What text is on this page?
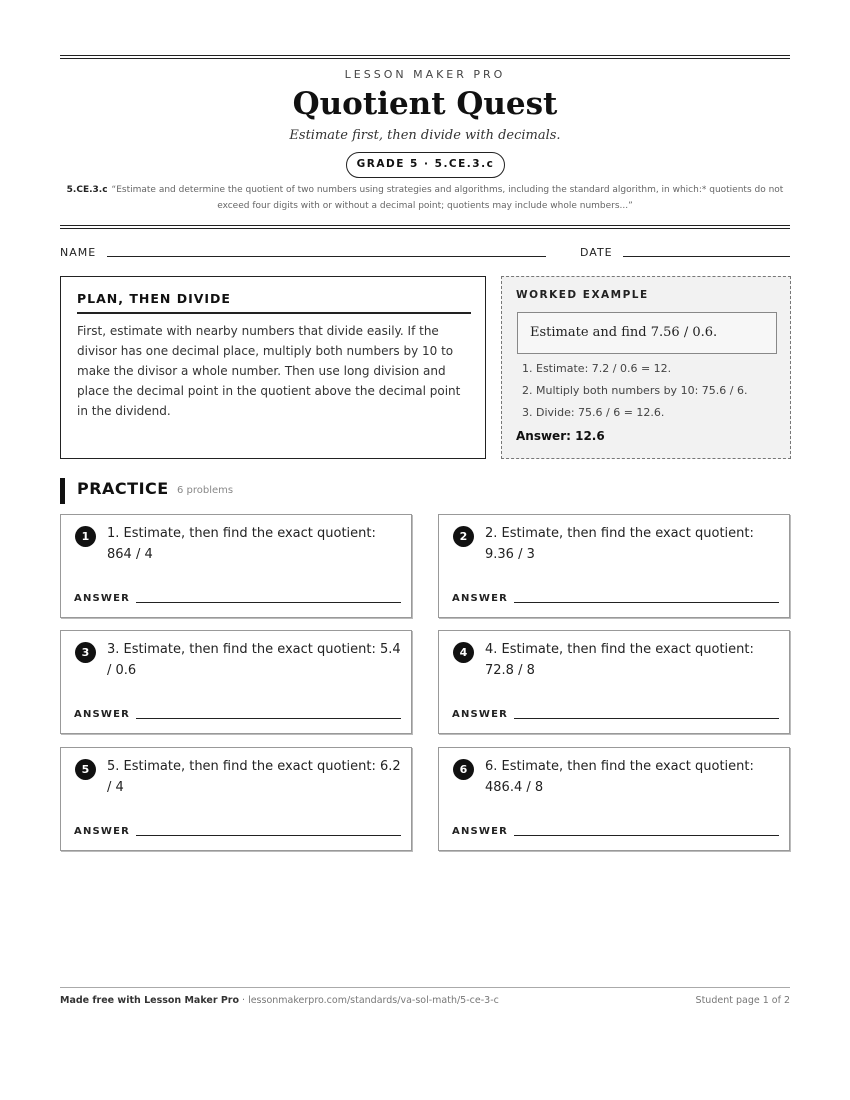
LESSON MAKER PRO
Quotient Quest
Estimate first, then divide with decimals.
GRADE 5 · 5.CE.3.c
5.CE.3.c “Estimate and determine the quotient of two numbers using strategies and algorithms, including the standard algorithm, in which:* quotients do not exceed four digits with or without a decimal point; quotients may include whole numbers...”
NAME	DATE
PLAN, THEN DIVIDE
First, estimate with nearby numbers that divide easily. If the divisor has one decimal place, multiply both numbers by 10 to make the divisor a whole number. Then use long division and place the decimal point in the quotient above the decimal point in the dividend.
WORKED EXAMPLE
Estimate and find 7.56 / 0.6.
1. Estimate: 7.2 / 0.6 = 12.
2. Multiply both numbers by 10: 75.6 / 6.
3. Divide: 75.6 / 6 = 12.6.
Answer: 12.6
PRACTICE 6 problems
1	1. Estimate, then find the exact quotient: 864 / 4
ANSWER
2	2. Estimate, then find the exact quotient: 9.36 / 3
ANSWER
3	3. Estimate, then find the exact quotient: 5.4 / 0.6
ANSWER
4	4. Estimate, then find the exact quotient: 72.8 / 8
ANSWER
5	5. Estimate, then find the exact quotient: 6.2 / 4
ANSWER
6	6. Estimate, then find the exact quotient: 486.4 / 8
ANSWER
Made free with Lesson Maker Pro · lessonmakerpro.com/standards/va-sol-math/5-ce-3-c	Student page 1 of 2
